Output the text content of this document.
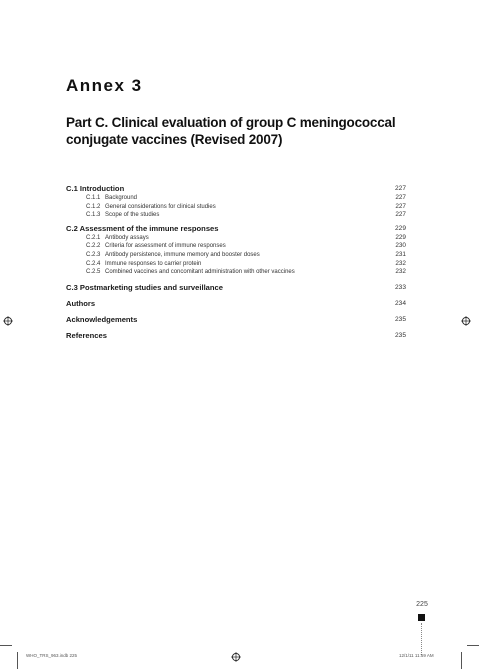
Annex 3
Part C. Clinical evaluation of group C meningococcal conjugate vaccines (Revised 2007)
C.1 Introduction	227
C.1.1 Background	227
C.1.2 General considerations for clinical studies	227
C.1.3 Scope of the studies	227
C.2 Assessment of the immune responses	229
C.2.1 Antibody assays	229
C.2.2 Criteria for assessment of immune responses	230
C.2.3 Antibody persistence, immune memory and booster doses	231
C.2.4 Immune responses to carrier protein	232
C.2.5 Combined vaccines and concomitant administration with other vaccines	232
C.3 Postmarketing studies and surveillance	233
Authors	234
Acknowledgements	235
References	235
225
WHO_TRS_963.indb 225	12/1/11 11:59 AM
